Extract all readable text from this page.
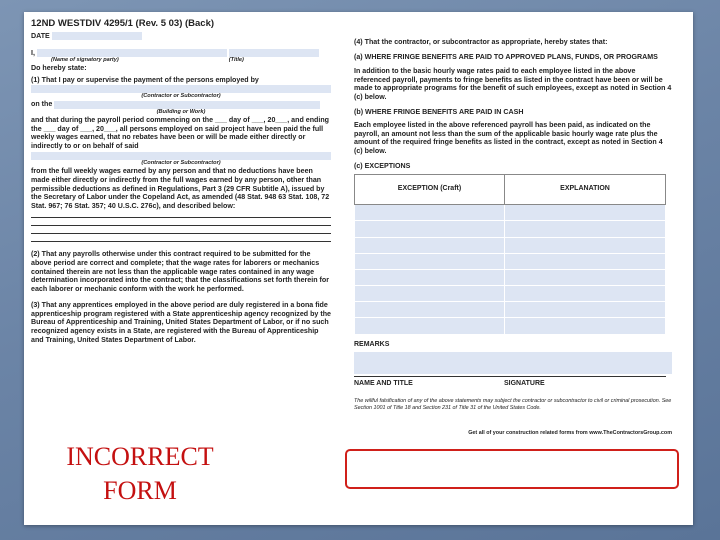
12ND WESTDIV 4295/1 (Rev. 5 03) (Back)
DATE
I,
(Name of signatory party)	(Title)
Do hereby state:
(1) That I pay or supervise the payment of the persons employed by
(Contractor or Subcontractor)
on the
(Building or Work)
and that during the payroll period commencing on the ___ day of ___, 20___, and ending the ___ day of ___, 20___, all persons employed on said project have been paid the full weekly wages earned, that no rebates have been or will be made either directly or indirectly to or on behalf of said
(Contractor or Subcontractor)
from the full weekly wages earned by any person and that no deductions have been made either directly or indirectly from the full wages earned by any person, other than permissible deductions as defined in Regulations, Part 3 (29 CFR Subtitle A), issued by the Secretary of Labor under the Copeland Act, as amended (48 Stat. 948 63 Stat. 108, 72 Stat. 967; 76 Stat. 357; 40 U.S.C. 276c), and described below:
(2) That any payrolls otherwise under this contract required to be submitted for the above period are correct and complete; that the wage rates for laborers or mechanics contained therein are not less than the applicable wage rates contained in any wage determination incorporated into the contract; that the classifications set forth therein for each laborer or mechanic conform with the work he performed.
(3) That any apprentices employed in the above period are duly registered in a bona fide apprenticeship program registered with a State apprenticeship agency recognized by the Bureau of Apprenticeship and Training, United States Department of Labor, or if no such recognized agency exists in a State, are registered with the Bureau of Apprenticeship and Training, United States Department of Labor.
(4) That the contractor, or subcontractor as appropriate, hereby states that:
(a) WHERE FRINGE BENEFITS ARE PAID TO APPROVED PLANS, FUNDS, OR PROGRAMS
In addition to the basic hourly wage rates paid to each employee listed in the above referenced payroll, payments to fringe benefits as listed in the contract have been or will be made to appropriate programs for the benefit of such employees, except as noted in Section 4 (c) below.
(b) WHERE FRINGE BENEFITS ARE PAID IN CASH
Each employee listed in the above referenced payroll has been paid, as indicated on the payroll, an amount not less than the sum of the applicable basic hourly wage rate plus the amount of the required fringe benefits as listed in the contract, except as noted in Section 4 (c) below.
(c) EXCEPTIONS
EXCEPTION (Craft)	EXPLANATION

REMARKS
NAME AND TITLE	SIGNATURE
The willful falsification of any of the above statements may subject the contractor or subcontractor to civil or criminal prosecution. See Section 1001 of Title 18 and Section 231 of Title 31 of the United States Code.
Get all of your construction related forms from www.TheContractorsGroup.com
INCORRECT FORM
